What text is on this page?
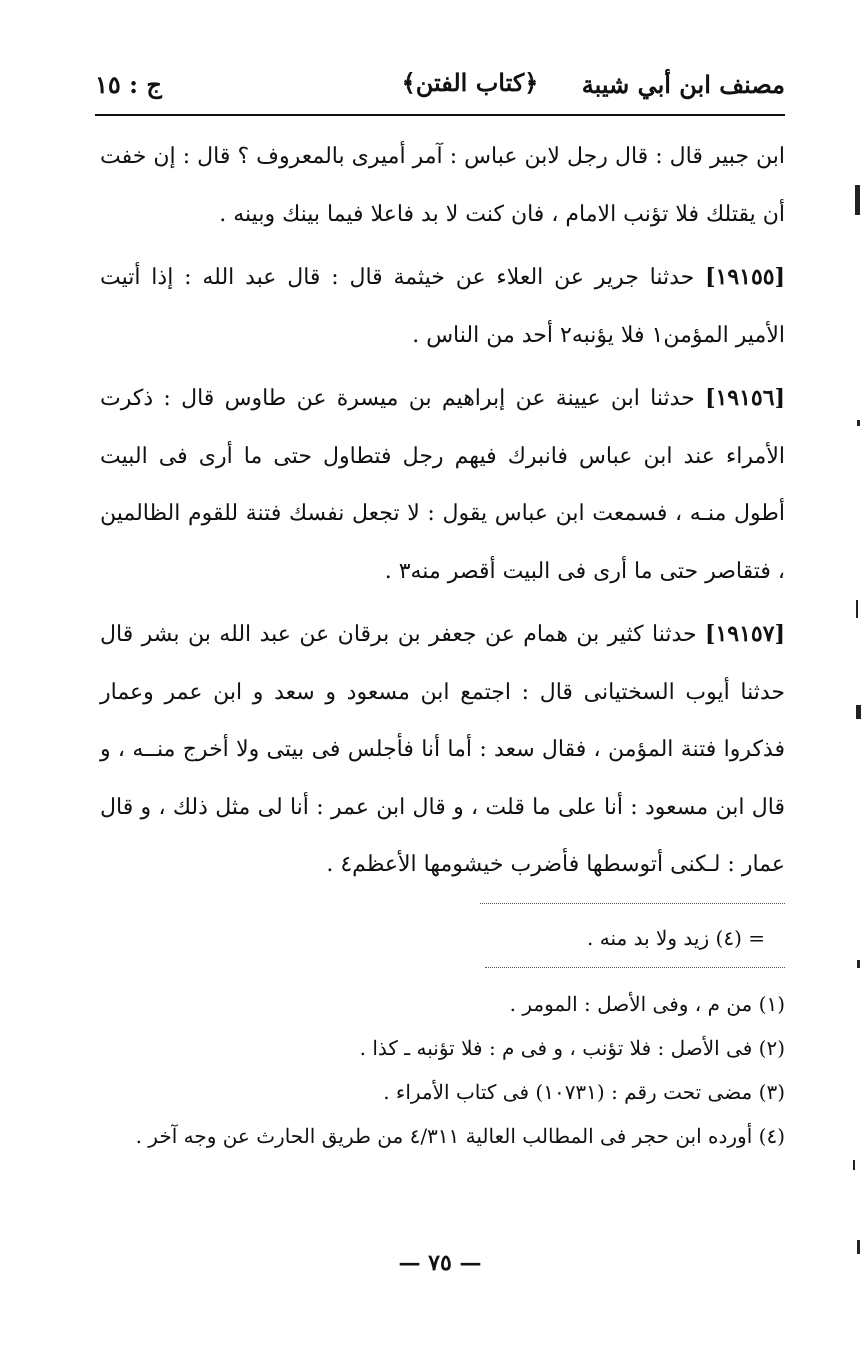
مصنف ابن أبي شيبة
﴿كتاب الفتن﴾
ج : ١٥

ابن جبير قال : قال رجل لابن عباس : آمر أميرى بالمعروف ؟ قال : إن خفت أن يقتلك فلا تؤنب الامام ، فان كنت لا بد فاعلا فيما بينك وبينه .

[١٩١٥٥] حدثنا جرير عن العلاء عن خيثمة قال : قال عبد الله : إذا أتيت الأمير المؤمن١ فلا يؤنبه٢ أحد من الناس .

[١٩١٥٦] حدثنا ابن عيينة عن إبراهيم بن ميسرة عن طاوس قال : ذكرت الأمراء عند ابن عباس فانبرك فيهم رجل فتطاول حتى ما أرى فى البيت أطول منـه ، فسمعت ابن عباس يقول : لا تجعل نفسك فتنة للقوم الظالمين ، فتقاصر حتى ما أرى فى البيت أقصر منه٣ .

[١٩١٥٧] حدثنا كثير بن همام عن جعفر بن برقان عن عبد الله بن بشر قال حدثنا أيوب السختيانى قال : اجتمع ابن مسعود و سعد و ابن عمر وعمار فذكروا فتنة المؤمن ، فقال سعد : أما أنا فأجلس فى بيتى ولا أخرج منــه ، و قال ابن مسعود : أنا على ما قلت ، و قال ابن عمر : أنا لى مثل ذلك ، و قال عمار : لـكنى أتوسطها فأضرب خيشومها الأعظم٤ .

= (٤) زيد ولا بد منه .
(١) من م ، وفى الأصل : المومر .
(٢) فى الأصل : فلا تؤنب ، و فى م : فلا تؤنبه ـ كذا .
(٣) مضى تحت رقم : (١٠٧٣١) فى كتاب الأمراء .
(٤) أورده ابن حجر فى المطالب العالية ٤/٣١١ من طريق الحارث عن وجه آخر .
— ٧٥ —
